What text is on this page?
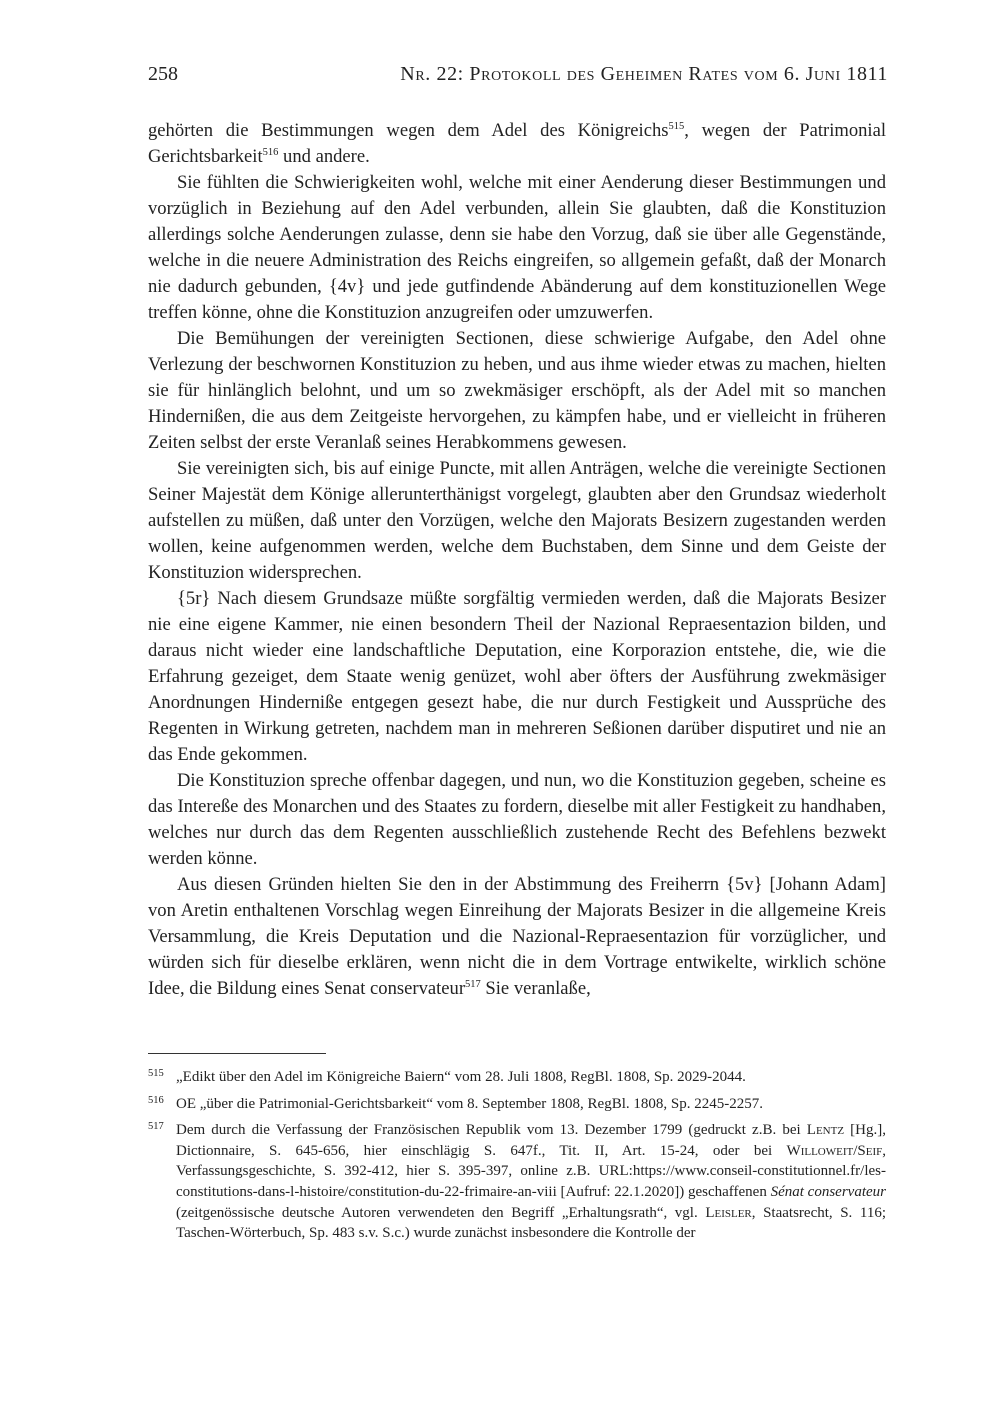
258	Nr. 22: Protokoll des Geheimen Rates vom 6. Juni 1811

gehörten die Bestimmungen wegen dem Adel des Königreichs$^{515}$, wegen der Patrimonial Gerichtsbarkeit$^{516}$ und andere.

Sie fühlten die Schwierigkeiten wohl, welche mit einer Aenderung dieser Bestimmungen und vorzüglich in Beziehung auf den Adel verbunden, allein Sie glaubten, daß die Konstituzion allerdings solche Aenderungen zulasse, denn sie habe den Vorzug, daß sie über alle Gegenstände, welche in die neuere Administration des Reichs eingreifen, so allgemein gefaßt, daß der Monarch nie dadurch gebunden, {4v} und jede gutfindende Abänderung auf dem konstituzionellen Wege treffen könne, ohne die Konstituzion anzugreifen oder umzuwerfen.

Die Bemühungen der vereinigten Sectionen, diese schwierige Aufgabe, den Adel ohne Verlezung der beschwornen Konstituzion zu heben, und aus ihme wieder etwas zu machen, hielten sie für hinlänglich belohnt, und um so zwekmäsiger erschöpft, als der Adel mit so manchen Hindernißen, die aus dem Zeitgeiste hervorgehen, zu kämpfen habe, und er vielleicht in früheren Zeiten selbst der erste Veranlaß seines Herabkommens gewesen.

Sie vereinigten sich, bis auf einige Puncte, mit allen Anträgen, welche die vereinigte Sectionen Seiner Majestät dem Könige allerunterthänigst vorgelegt, glaubten aber den Grundsaz wiederholt aufstellen zu müßen, daß unter den Vorzügen, welche den Majorats Besizern zugestanden werden wollen, keine aufgenommen werden, welche dem Buchstaben, dem Sinne und dem Geiste der Konstituzion widersprechen.

{5r} Nach diesem Grundsaze müßte sorgfältig vermieden werden, daß die Majorats Besizer nie eine eigene Kammer, nie einen besondern Theil der Nazional Repraesentazion bilden, und daraus nicht wieder eine landschaftliche Deputation, eine Korporazion entstehe, die, wie die Erfahrung gezeiget, dem Staate wenig genüzet, wohl aber öfters der Ausführung zwekmäsiger Anordnungen Hinderniße entgegen gesezt habe, die nur durch Festigkeit und Aussprüche des Regenten in Wirkung getreten, nachdem man in mehreren Seßionen darüber disputiret und nie an das Ende gekommen.

Die Konstituzion spreche offenbar dagegen, und nun, wo die Konstituzion gegeben, scheine es das Intereße des Monarchen und des Staates zu fordern, dieselbe mit aller Festigkeit zu handhaben, welches nur durch das dem Regenten ausschließlich zustehende Recht des Befehlens bezwekt werden könne.

Aus diesen Gründen hielten Sie den in der Abstimmung des Freiherrn {5v} [Johann Adam] von Aretin enthaltenen Vorschlag wegen Einreihung der Majorats Besizer in die allgemeine Kreis Versammlung, die Kreis Deputation und die Nazional-Repraesentazion für vorzüglicher, und würden sich für dieselbe erklären, wenn nicht die in dem Vortrage entwikelte, wirklich schöne Idee, die Bildung eines Senat conservateur$^{517}$ Sie veranlaße,

515 „Edikt über den Adel im Königreiche Baiern“ vom 28. Juli 1808, RegBl. 1808, Sp. 2029-2044.
516 OE „über die Patrimonial-Gerichtsbarkeit“ vom 8. September 1808, RegBl. 1808, Sp. 2245-2257.
517 Dem durch die Verfassung der Französischen Republik vom 13. Dezember 1799 (gedruckt z.B. bei Lentz [Hg.], Dictionnaire, S. 645-656, hier einschlägig S. 647f., Tit. II, Art. 15-24, oder bei Willoweit/Seif, Verfassungsgeschichte, S. 392-412, hier S. 395-397, online z.B. URL:https://www.conseil-constitutionnel.fr/les-constitutions-dans-l-histoire/constitution-du-22-frimaire-an-viii [Aufruf: 22.1.2020]) geschaffenen Sénat conservateur (zeitgenössische deutsche Autoren verwendeten den Begriff „Erhaltungsrath“, vgl. Leisler, Staatsrecht, S. 116; Taschen-Wörterbuch, Sp. 483 s.v. S.c.) wurde zunächst insbesondere die Kontrolle der
